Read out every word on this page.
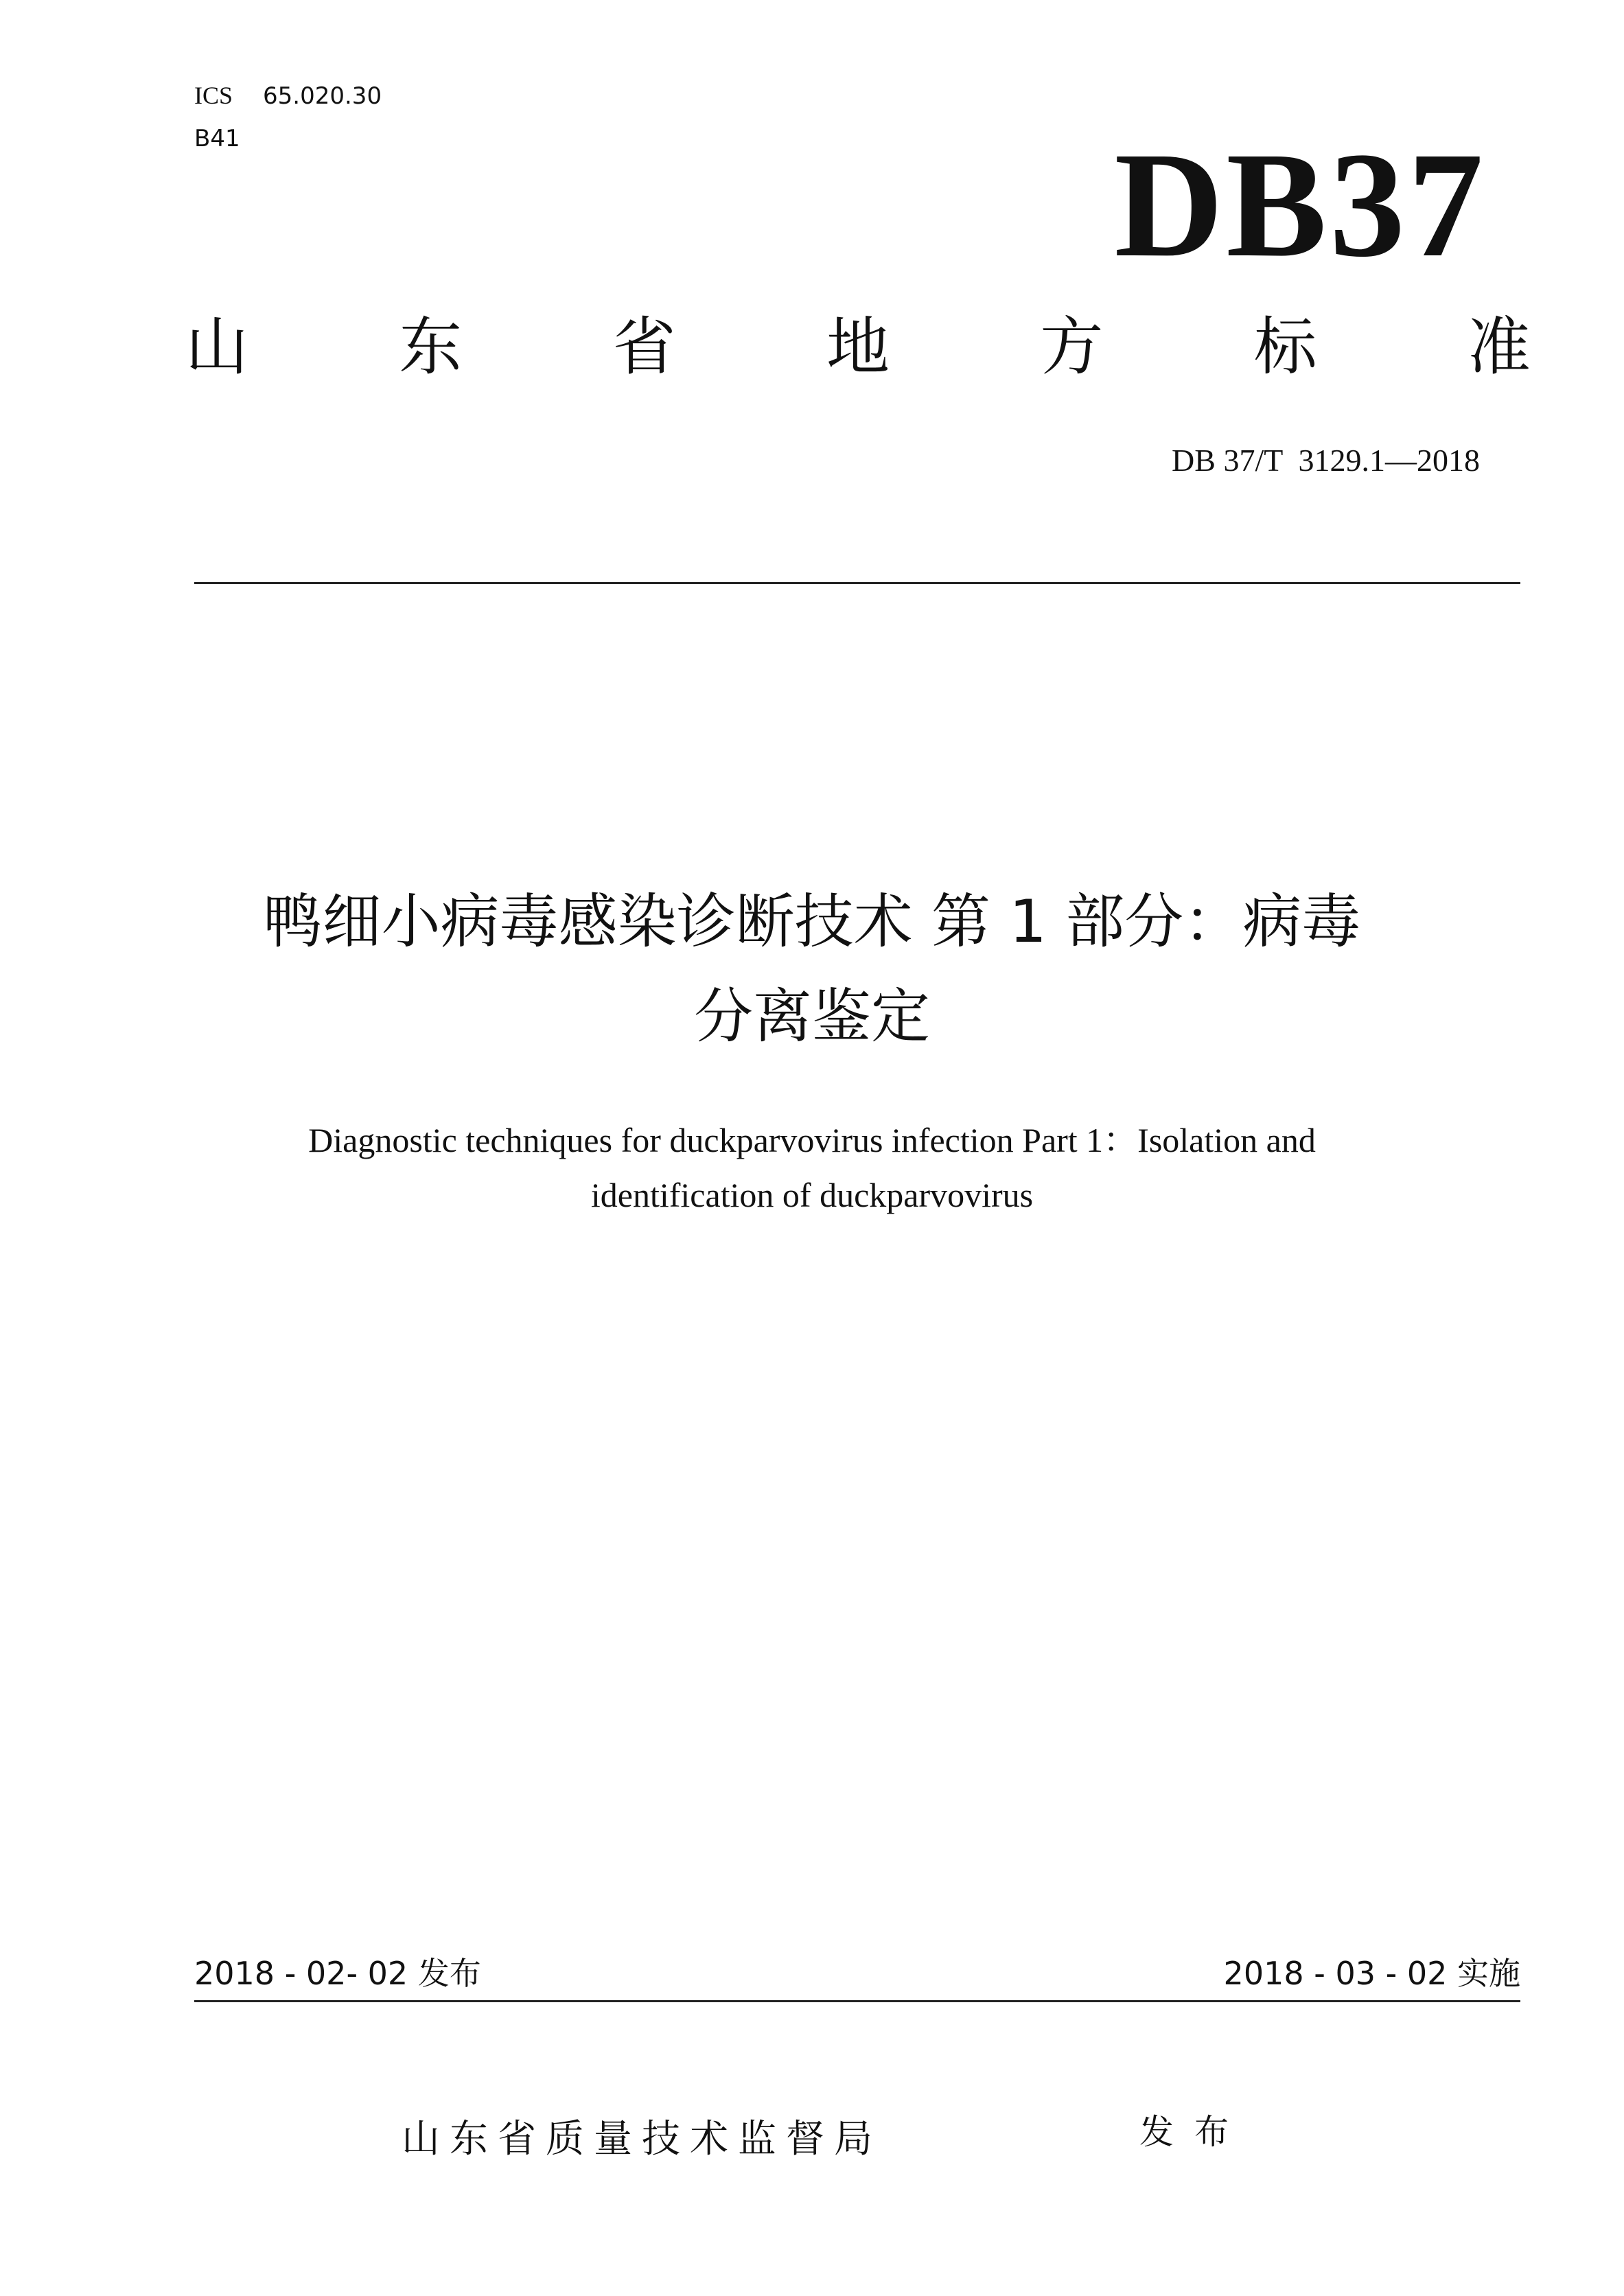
ICS 65.020.30
B41	DB37
山 东 省 地 方 标 准
DB 37/T  3129.1—2018
鸭细小病毒感染诊断技术 第 1 部分：病毒
分离鉴定
Diagnostic techniques for duckparvovirus infection Part 1：Isolation and
identification of duckparvovirus
2018 - 02- 02 发布	2018 - 03 - 02 实施
山东省质量技术监督局	发布
